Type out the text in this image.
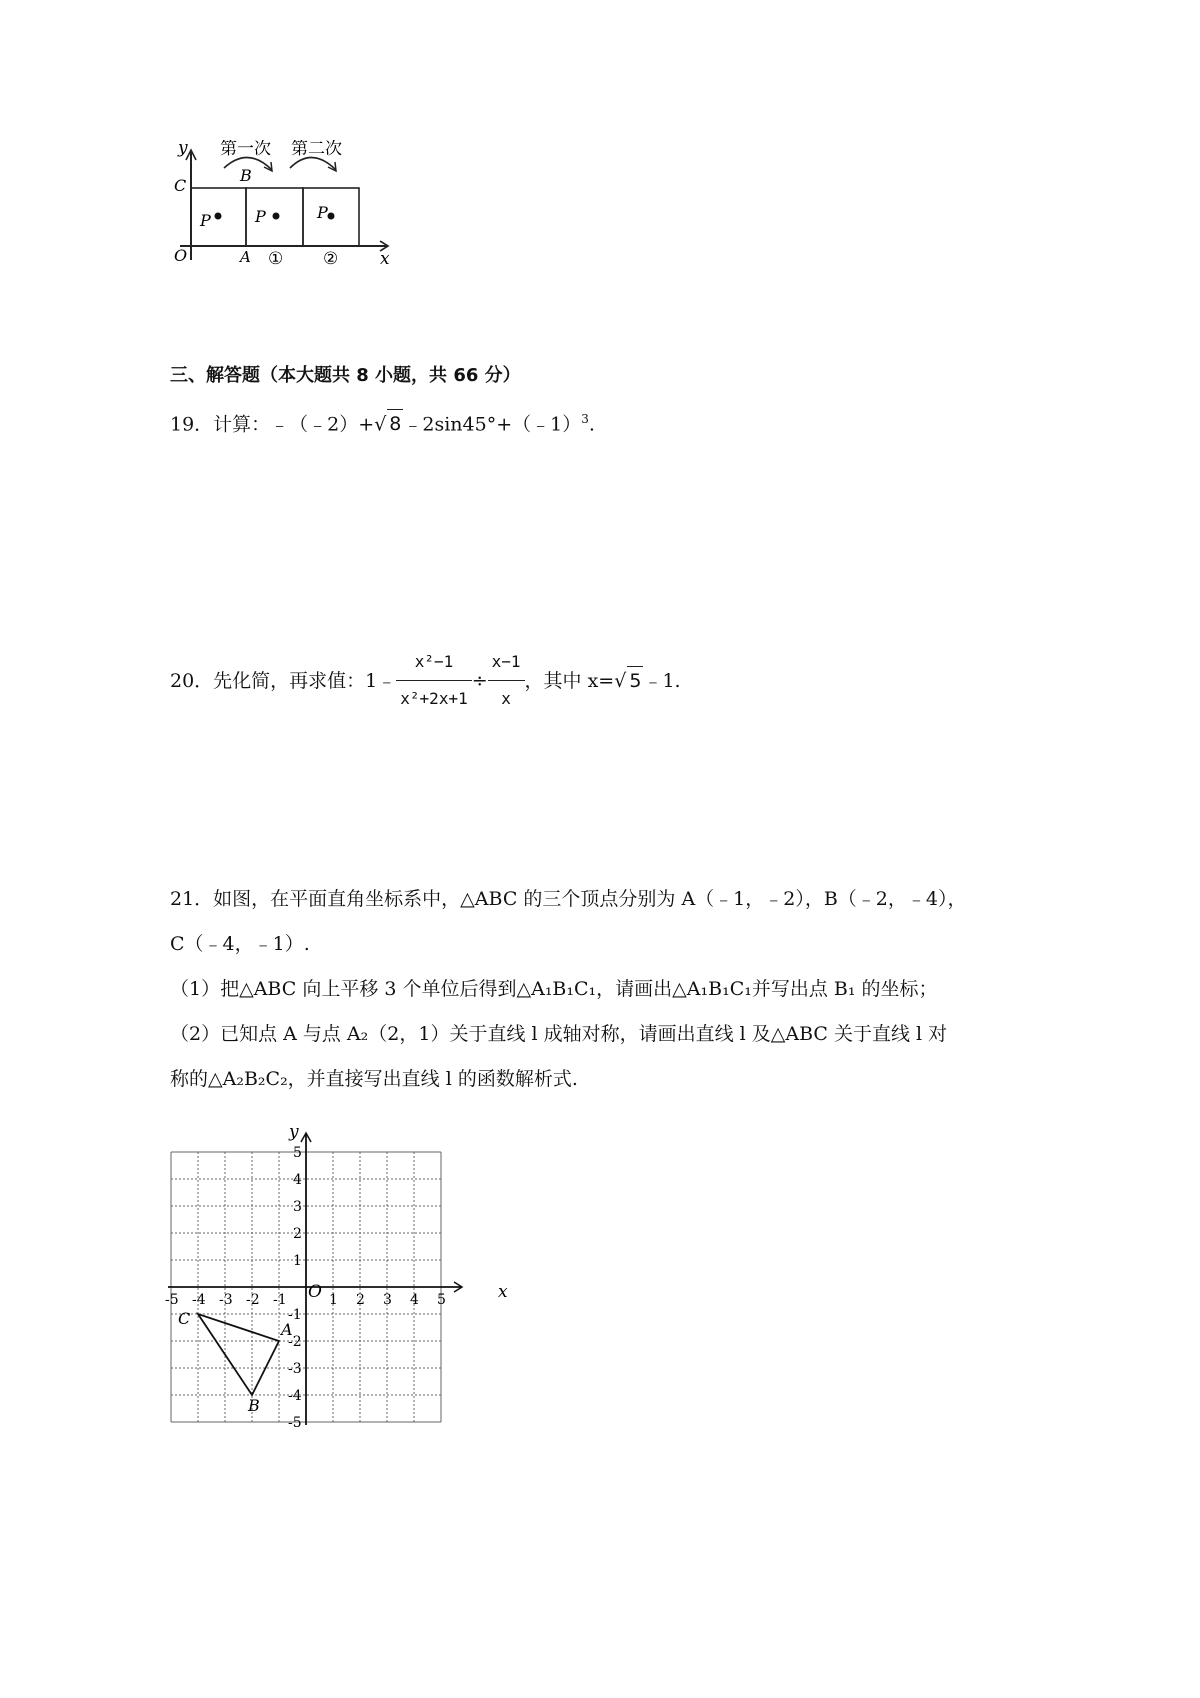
P	P	P
第一次 第二次
y
C
B
O	A ① ② x
三、解答题（本大题共 8 小题，共 66 分）
19．计算：﹣（﹣2）+√ 8 ﹣2sin45°+（﹣1）$^3$.
20．先化简，再求值：1﹣ $\frac{\text{x²−1}}{\text{x²+2x+1}} \div \frac{x-1}{x}$ ，其中 x= √ 5 ﹣1.
21．如图，在平面直角坐标系中，△ABC 的三个顶点分别为 A（﹣1，﹣2），B（﹣2，﹣4），
C（﹣4，﹣1）.
（1）把△ABC 向上平移 3 个单位后得到△A₁B₁C₁，请画出△A₁B₁C₁并写出点 B₁ 的坐标；
（2）已知点 A 与点 A₂（2，1）关于直线 l 成轴对称，请画出直线 l 及△ABC 关于直线 l 对
称的△A₂B₂C₂，并直接写出直线 l 的函数解析式.
-5 -4 -3 -2 -1	1 2 3 4 5
5
4
3
2
1
-1
-2
-3
-4
-5
A
B
C
x
y
O
